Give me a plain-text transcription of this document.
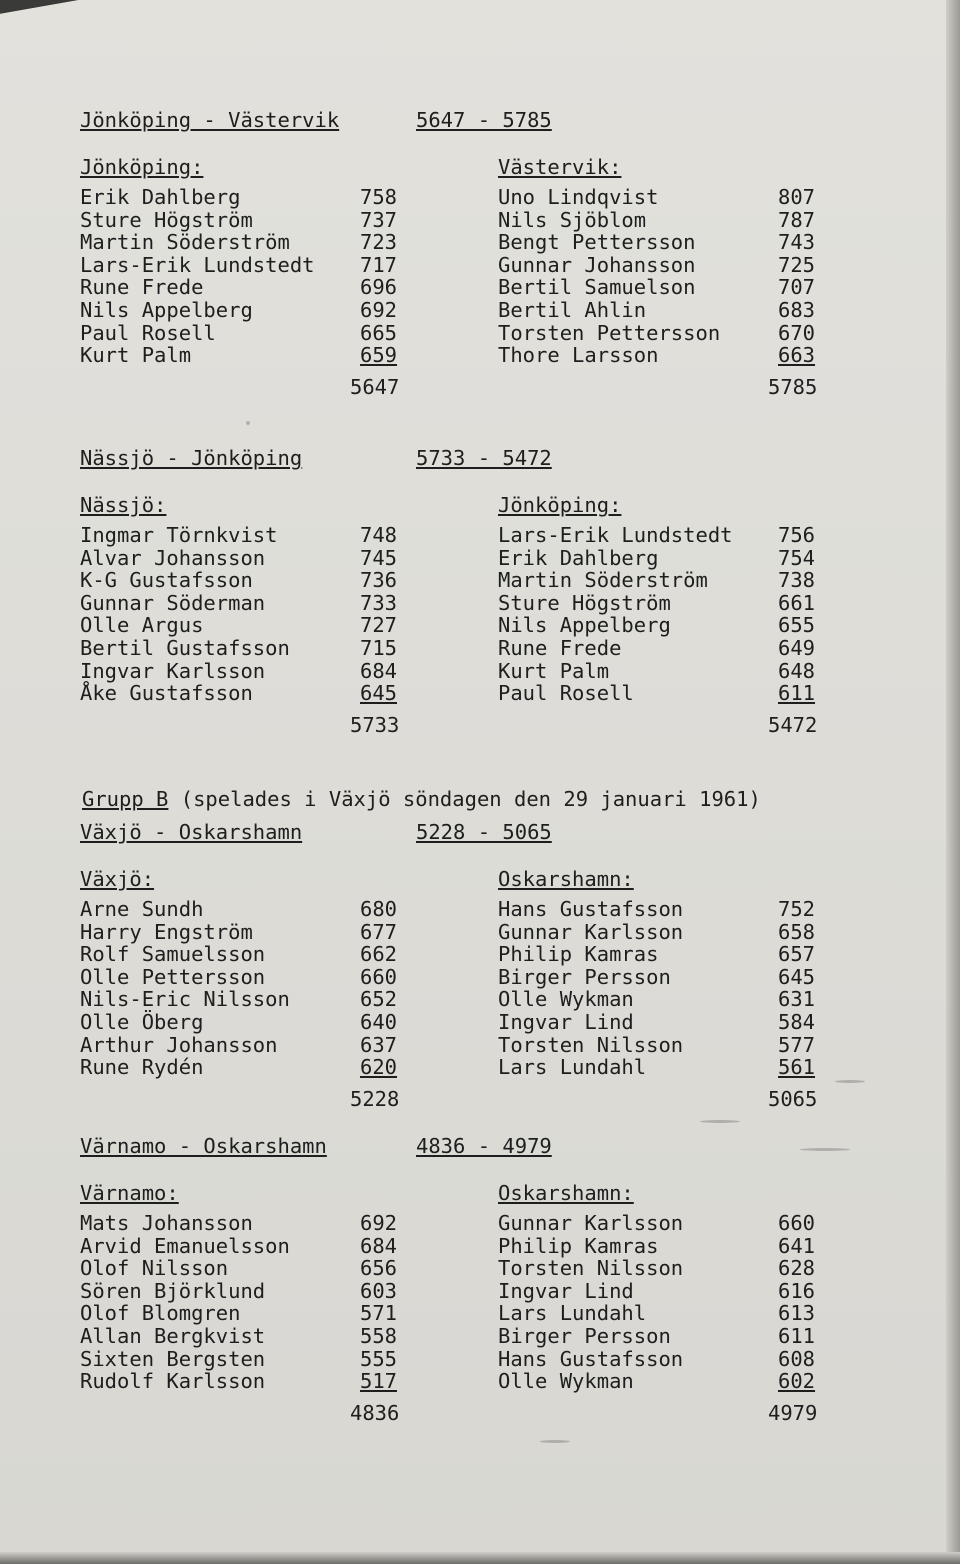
Jönköping - Västervik	5647 - 5785
Jönköping:
Erik Dahlberg	758
Sture Högström	737
Martin Söderström	723
Lars-Erik Lundstedt 717
Rune Frede	696
Nils Appelberg	692
Paul Rosell	665
Kurt Palm	659
5647
Västervik:
Uno Lindqvist	807
Nils Sjöblom	787
Bengt Pettersson	743
Gunnar Johansson	725
Bertil Samuelson	707
Bertil Ahlin	683
Torsten Pettersson	670
Thore Larsson	663
5785
Nässjö - Jönköping	5733 - 5472
Nässjö:
Ingmar Törnkvist	748
Alvar Johansson	745
K-G Gustafsson	736
Gunnar Söderman	733
Olle Argus	727
Bertil Gustafsson	715
Ingvar Karlsson	684
Åke Gustafsson	645
5733
Jönköping:
Lars-Erik Lundstedt 756
Erik Dahlberg	754
Martin Söderström	738
Sture Högström	661
Nils Appelberg	655
Rune Frede	649
Kurt Palm	648
Paul Rosell	611
5472
Grupp B (spelades i Växjö söndagen den 29 januari 1961)
Växjö - Oskarshamn	5228 - 5065
Växjö:
Arne Sundh	680
Harry Engström	677
Rolf Samuelsson	662
Olle Pettersson	660
Nils-Eric Nilsson	652
Olle Öberg	640
Arthur Johansson	637
Rune Rydén	620
5228
Oskarshamn:
Hans Gustafsson	752
Gunnar Karlsson	658
Philip Kamras	657
Birger Persson	645
Olle Wykman	631
Ingvar Lind	584
Torsten Nilsson	577
Lars Lundahl	561
5065
Värnamo - Oskarshamn	4836 - 4979
Värnamo:
Mats Johansson	692
Arvid Emanuelsson	684
Olof Nilsson	656
Sören Björklund	603
Olof Blomgren	571
Allan Bergkvist	558
Sixten Bergsten	555
Rudolf Karlsson	517
4836
Oskarshamn:
Gunnar Karlsson	660
Philip Kamras	641
Torsten Nilsson	628
Ingvar Lind	616
Lars Lundahl	613
Birger Persson	611
Hans Gustafsson	608
Olle Wykman	602
4979
